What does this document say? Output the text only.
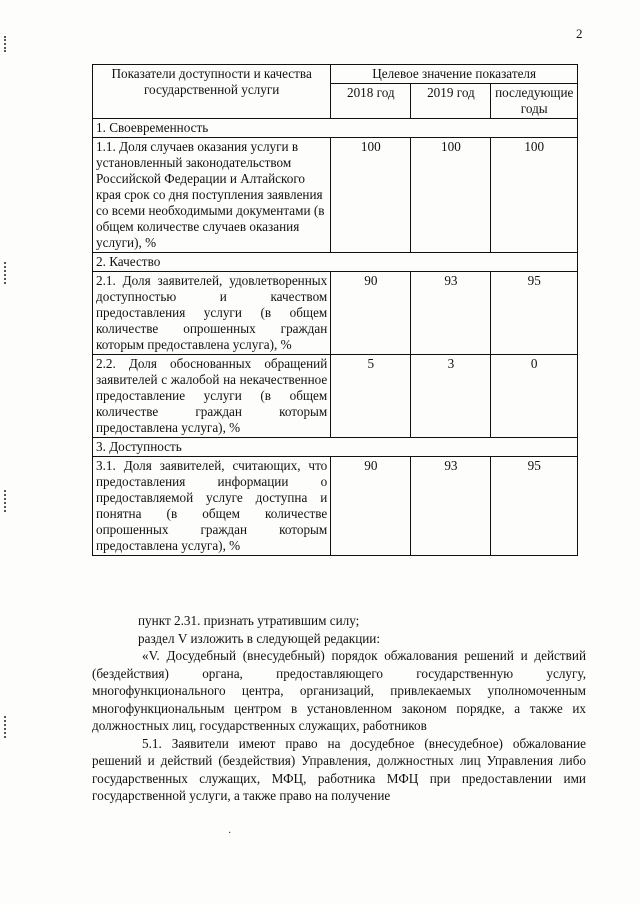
2
Показатели доступности и качества государственной услуги	Целевое значение показателя		
	2018 год	2019 год	последующие годы
1. Своевременность			
1.1. Доля случаев оказания услуги в установленный законодательством Российской Федерации и Алтайского края срок со дня поступления заявления со всеми необходимыми документами (в общем количестве случаев оказания услуги), %	100	100	100
2. Качество			
2.1. Доля заявителей, удовлетворенных доступностью и качеством предоставления услуги (в общем количестве опрошенных граждан которым предоставлена услуга), %	90	93	95
2.2. Доля обоснованных обращений заявителей с жалобой на некачественное предоставление услуги (в общем количестве граждан которым предоставлена услуга), %	5	3	0
3. Доступность			
3.1. Доля заявителей, считающих, что предоставления информации о предоставляемой услуге доступна и понятна (в общем количестве опрошенных граждан которым предоставлена услуга), %	90	93	95

пункт 2.31. признать утратившим силу;

раздел V изложить в следующей редакции:

«V. Досудебный (внесудебный) порядок обжалования решений и действий (бездействия) органа, предоставляющего государственную услугу, многофункционального центра, организаций, привлекаемых уполномоченным многофункциональным центром в установленном законом порядке, а также их должностных лиц, государственных служащих, работников

5.1. Заявители имеют право на досудебное (внесудебное) обжалование решений и действий (бездействия) Управления, должностных лиц Управления либо государственных служащих, МФЦ, работника МФЦ при предоставлении ими государственной услуги, а также право на получение

·
